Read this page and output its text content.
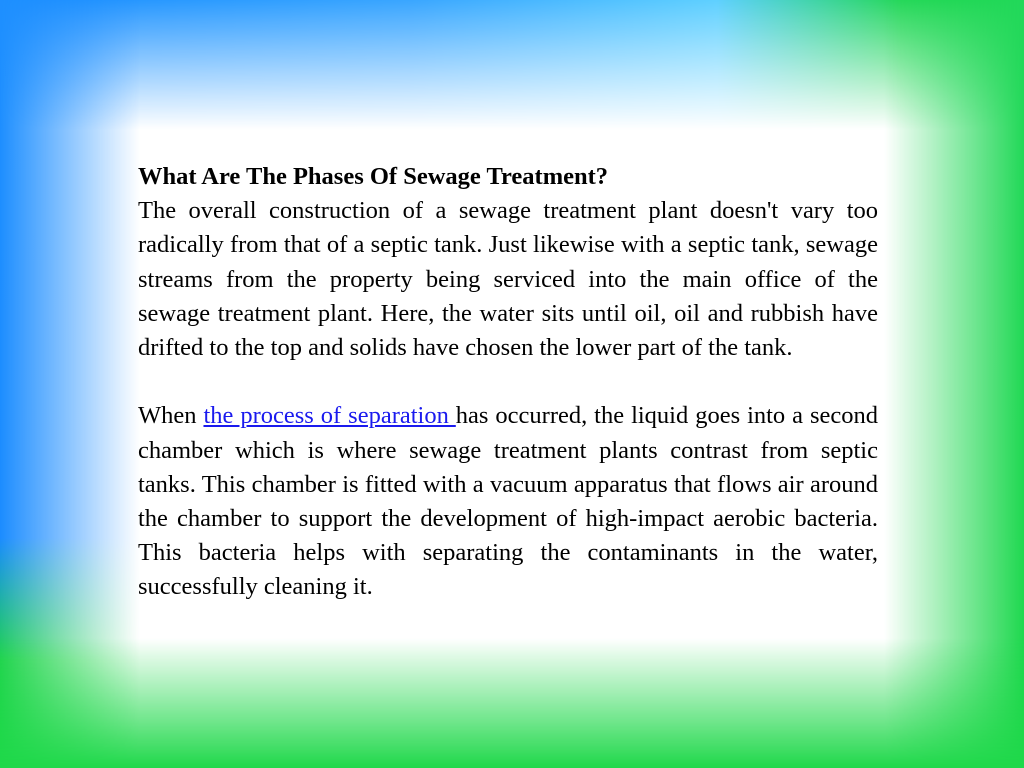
What Are The Phases Of Sewage Treatment?

The overall construction of a sewage treatment plant doesn't vary too radically from that of a septic tank. Just likewise with a septic tank, sewage streams from the property being serviced into the main office of the sewage treatment plant. Here, the water sits until oil, oil and rubbish have drifted to the top and solids have chosen the lower part of the tank.

When the process of separation has occurred, the liquid goes into a second chamber which is where sewage treatment plants contrast from septic tanks. This chamber is fitted with a vacuum apparatus that flows air around the chamber to support the development of high-impact aerobic bacteria. This bacteria helps with separating the contaminants in the water, successfully cleaning it.
